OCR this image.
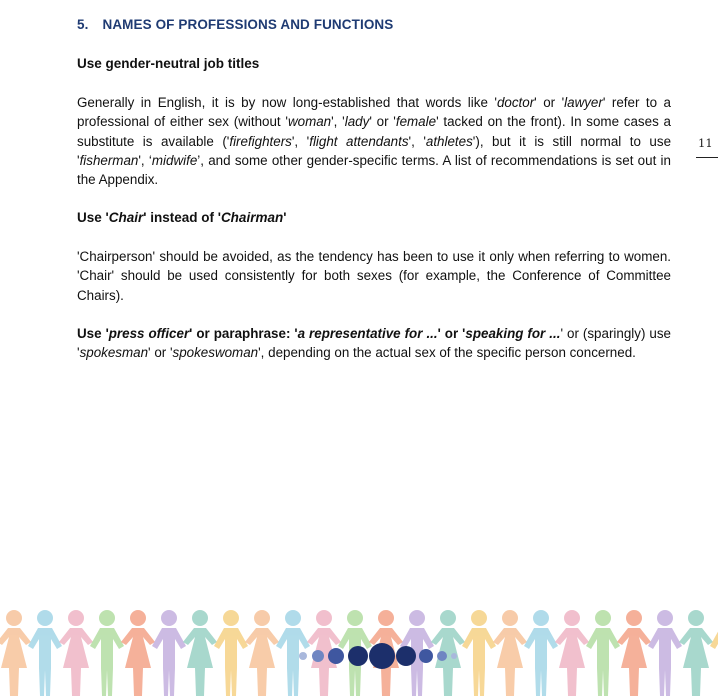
5. NAMES OF PROFESSIONS AND FUNCTIONS

Use gender-neutral job titles

Generally in English, it is by now long-established that words like 'doctor' or 'lawyer' refer to a professional of either sex (without 'woman', 'lady' or 'female' tacked on the front). In some cases a substitute is available ('firefighters', 'flight attendants', 'athletes'), but it is still normal to use 'fisherman', ‘midwife’, and some other gender-specific terms. A list of recommendations is set out in the Appendix.

Use 'Chair' instead of 'Chairman'

'Chairperson' should be avoided, as the tendency has been to use it only when referring to women. 'Chair' should be used consistently for both sexes (for example, the Conference of Committee Chairs).

Use 'press officer' or paraphrase: 'a representative for ...' or 'speaking for ...' or (sparingly) use 'spokesman' or 'spokeswoman', depending on the actual sex of the specific person concerned.

11
